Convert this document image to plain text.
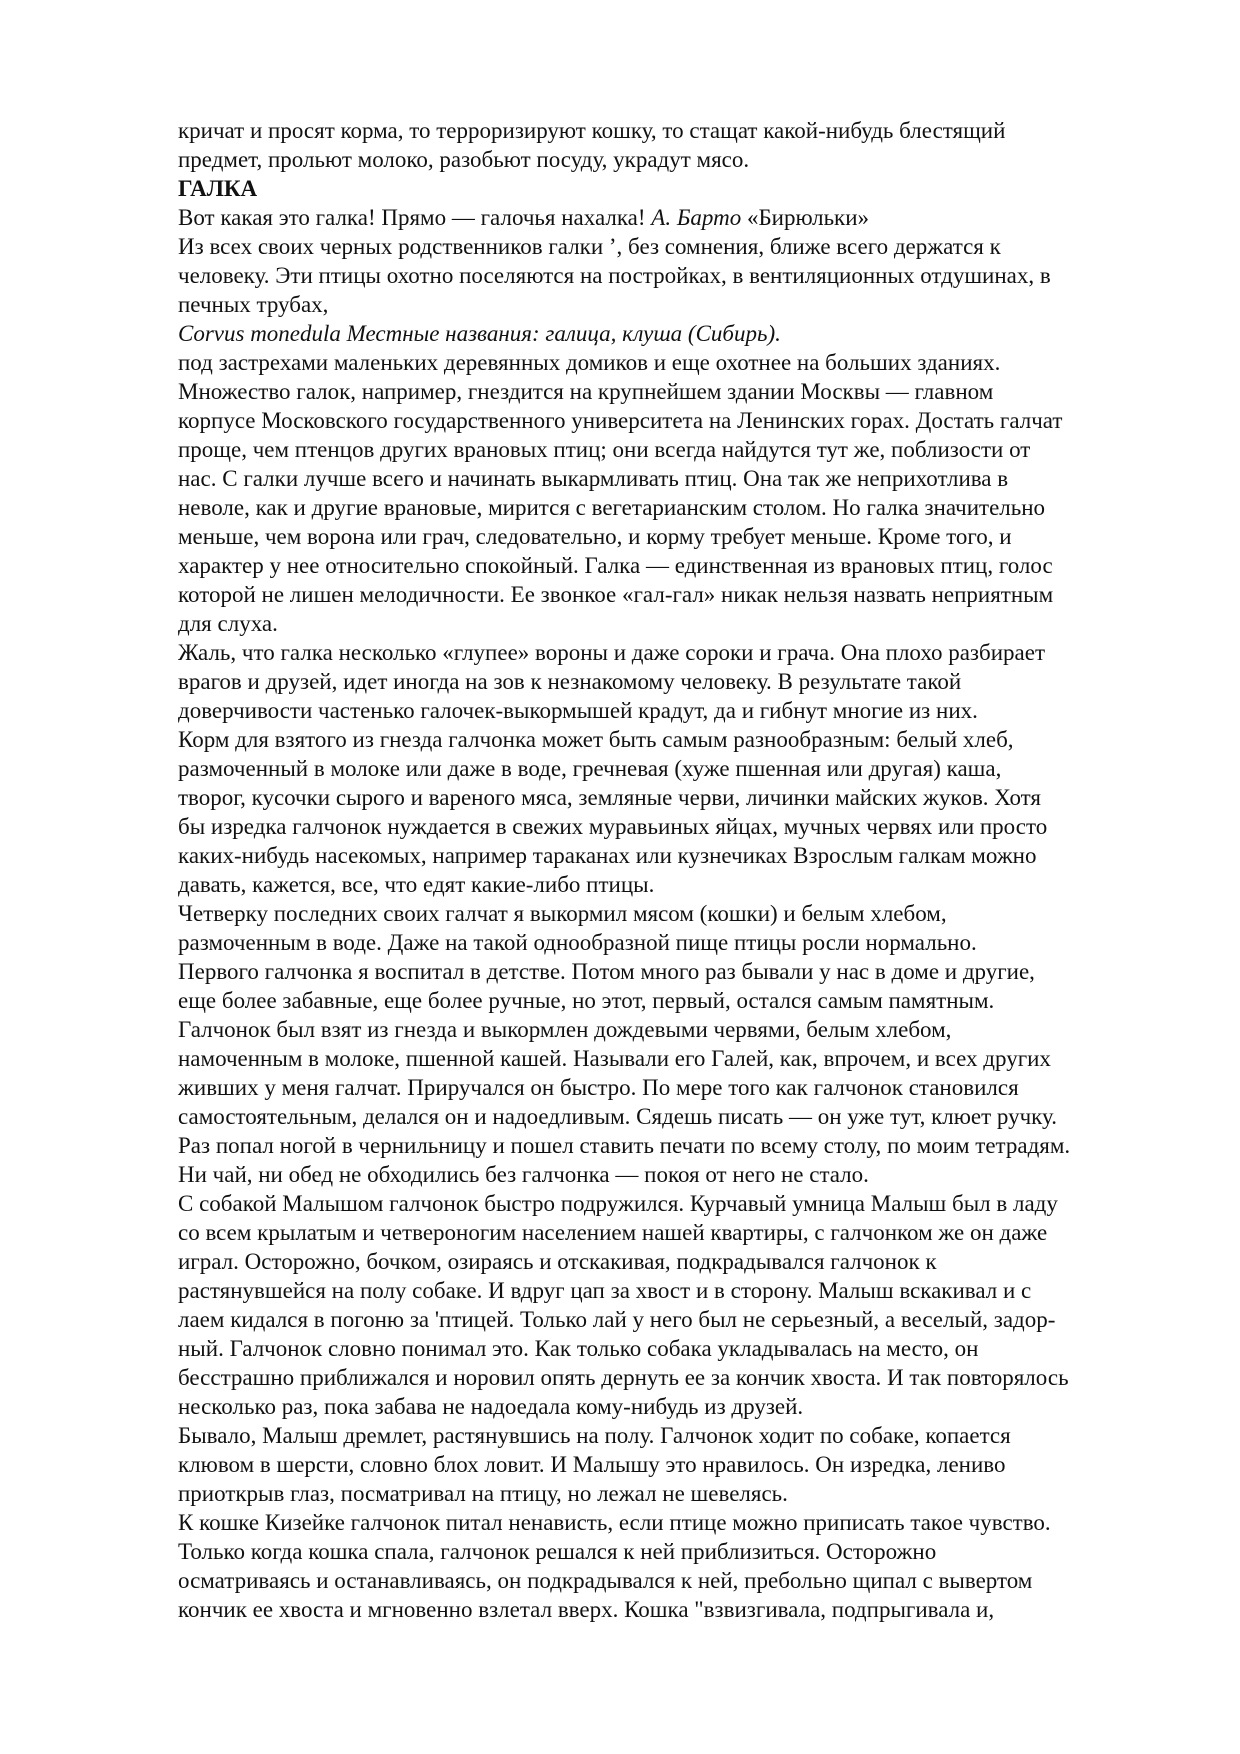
кричат и просят корма, то терроризируют кошку, то стащат какой-нибудь блестящий
предмет, прольют молоко, разобьют посуду, украдут мясо.
ГАЛКА
Вот какая это галка! Прямо — галочья нахалка! А. Барто «Бирюльки»
Из всех своих черных родственников галки ’, без сомнения, ближе всего держатся к
человеку. Эти птицы охотно поселяются на постройках, в вентиляционных отдушинах, в
печных трубах,
Corvus monedula Местные названия: галица, клуша (Сибирь).
под застрехами маленьких деревянных домиков и еще охотнее на больших зданиях.
Множество галок, например, гнездится на крупнейшем здании Москвы — главном
корпусе Московского государственного университета на Ленинских горах. Достать галчат
проще, чем птенцов других врановых птиц; они всегда найдутся тут же, поблизости от
нас. С галки лучше всего и начинать выкармливать птиц. Она так же неприхотлива в
неволе, как и другие врановые, мирится с вегетарианским столом. Но галка значительно
меньше, чем ворона или грач, следовательно, и корму требует меньше. Кроме того, и
характер у нее относительно спокойный. Галка — единственная из врановых птиц, голос
которой не лишен мелодичности. Ее звонкое «гал-гал» никак нельзя назвать неприятным
для слуха.
Жаль, что галка несколько «глупее» вороны и даже сороки и грача. Она плохо разбирает
врагов и друзей, идет иногда на зов к незнакомому человеку. В результате такой
доверчивости частенько галочек-выкормышей крадут, да и гибнут многие из них.
Корм для взятого из гнезда галчонка может быть самым разнообразным: белый хлеб,
размоченный в молоке или даже в воде, гречневая (хуже пшенная или другая) каша,
творог, кусочки сырого и вареного мяса, земляные черви, личинки майских жуков. Хотя
бы изредка галчонок нуждается в свежих муравьиных яйцах, мучных червях или просто
каких-нибудь насекомых, например тараканах или кузнечиках Взрослым галкам можно
давать, кажется, все, что едят какие-либо птицы.
Четверку последних своих галчат я выкормил мясом (кошки) и белым хлебом,
размоченным в воде. Даже на такой однообразной пище птицы росли нормально.
Первого галчонка я воспитал в детстве. Потом много раз бывали у нас в доме и другие,
еще более забавные, еще более ручные, но этот, первый, остался самым памятным.
Галчонок был взят из гнезда и выкормлен дождевыми червями, белым хлебом,
намоченным в молоке, пшенной кашей. Называли его Галей, как, впрочем, и всех других
живших у меня галчат. Приручался он быстро. По мере того как галчонок становился
самостоятельным, делался он и надоедливым. Сядешь писать — он уже тут, клюет ручку.
Раз попал ногой в чернильницу и пошел ставить печати по всему столу, по моим тетрадям.
Ни чай, ни обед не обходились без галчонка — покоя от него не стало.
С собакой Малышом галчонок быстро подружился. Курчавый умница Малыш был в ладу
со всем крылатым и четвероногим населением нашей квартиры, с галчонком же он даже
играл. Осторожно, бочком, озираясь и отскакивая, подкрадывался галчонок к
растянувшейся на полу собаке. И вдруг цап за хвост и в сторону. Малыш вскакивал и с
лаем кидался в погоню за 'птицей. Только лай у него был не серьезный, а веселый, задор-
ный. Галчонок словно понимал это. Как только собака укладывалась на место, он
бесстрашно приближался и норовил опять дернуть ее за кончик хвоста. И так повторялось
несколько раз, пока забава не надоедала кому-нибудь из друзей.
Бывало, Малыш дремлет, растянувшись на полу. Галчонок ходит по собаке, копается
клювом в шерсти, словно блох ловит. И Малышу это нравилось. Он изредка, лениво
приоткрыв глаз, посматривал на птицу, но лежал не шевелясь.
К кошке Кизейке галчонок питал ненависть, если птице можно приписать такое чувство.
Только когда кошка спала, галчонок решался к ней приблизиться. Осторожно
осматриваясь и останавливаясь, он подкрадывался к ней, пребольно щипал с вывертом
кончик ее хвоста и мгновенно взлетал вверх. Кошка "взвизгивала, подпрыгивала и,
